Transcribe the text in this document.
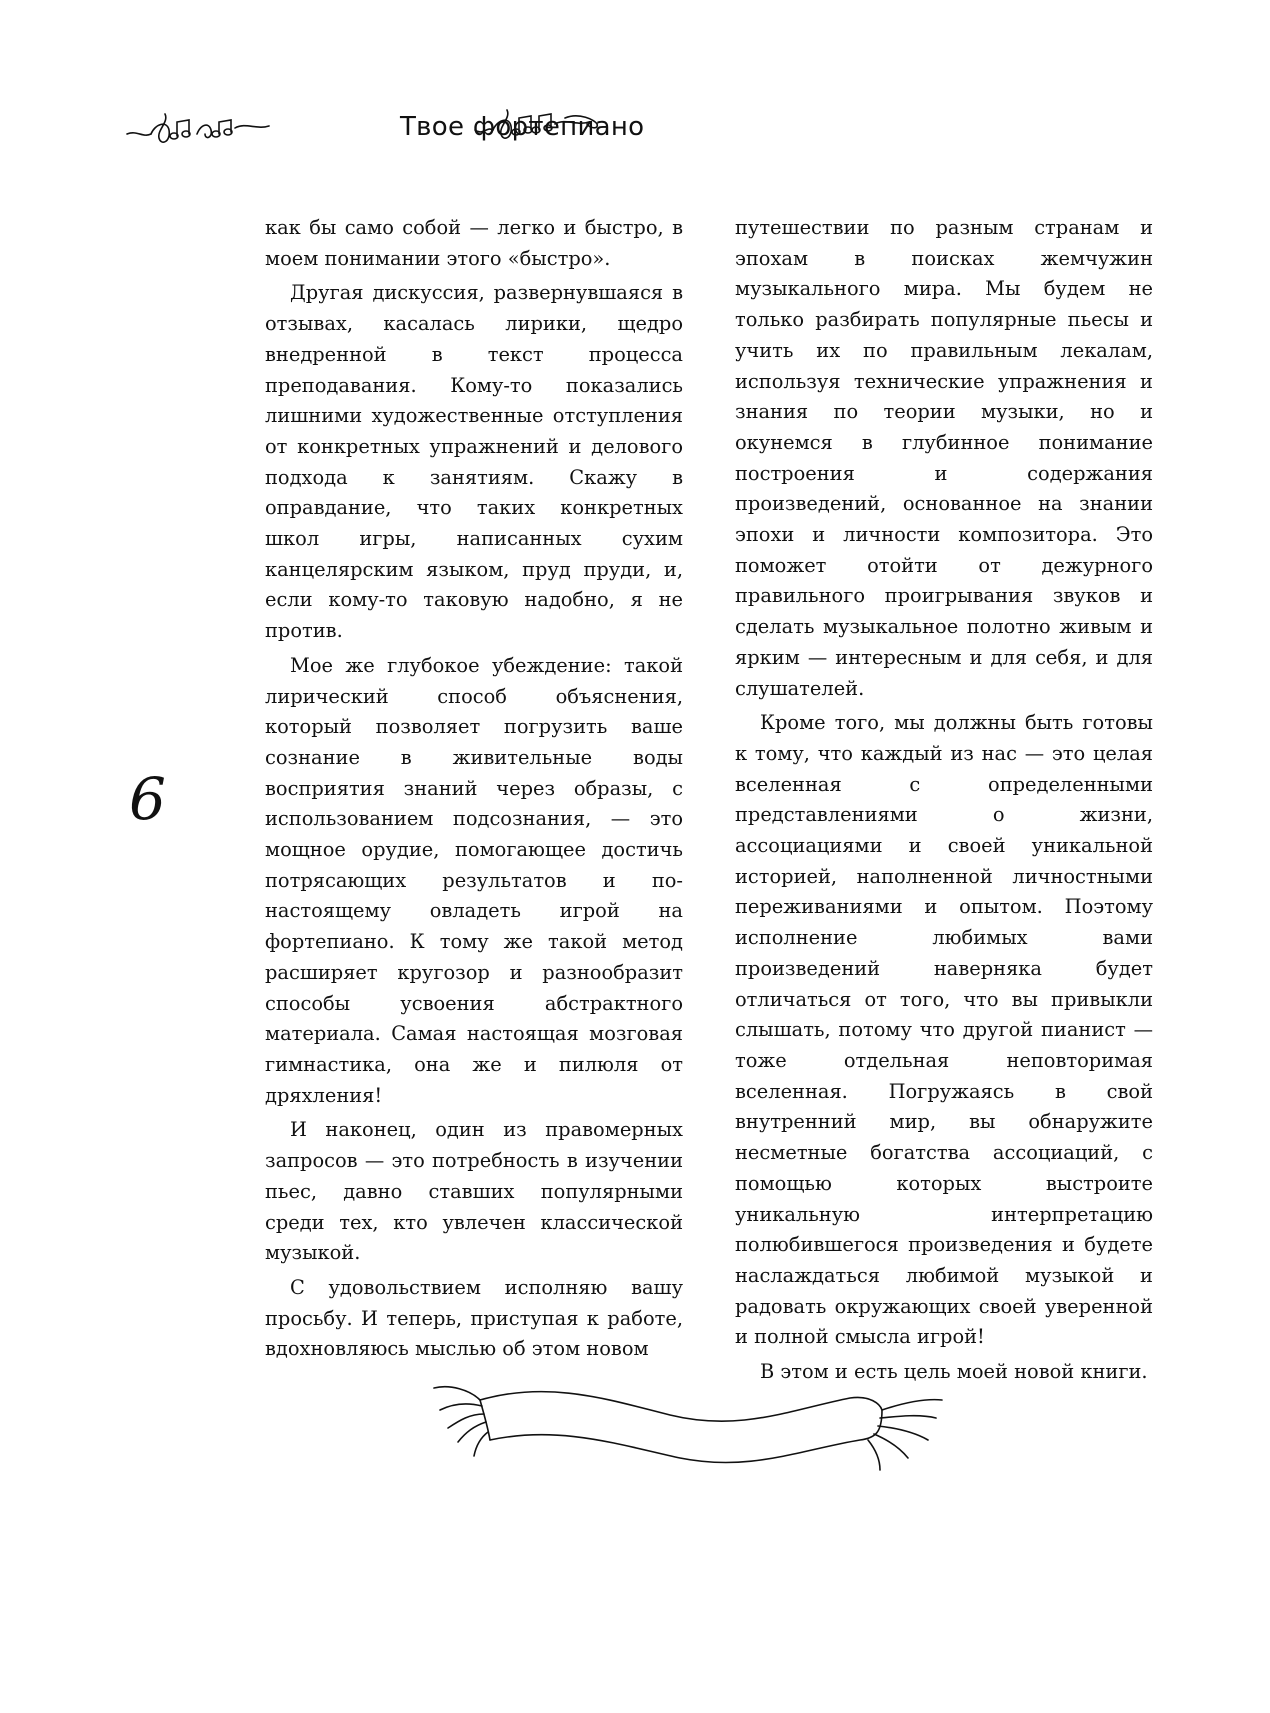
Твое фортепиано
6

как бы само собой — легко и быстро, в моем понимании этого «быстро».

Другая дискуссия, развернувшаяся в отзывах, касалась лирики, щедро внедренной в текст процесса преподавания. Кому-то показались лишними художественные отступления от конкретных упражнений и делового подхода к занятиям. Скажу в оправдание, что таких конкретных школ игры, написанных сухим канцелярским языком, пруд пруди, и, если кому-то таковую надобно, я не против.

Мое же глубокое убеждение: такой лирический способ объяснения, который позволяет погрузить ваше сознание в живительные воды восприятия знаний через образы, с использованием подсознания, — это мощное орудие, помогающее достичь потрясающих результатов и по-настоящему овладеть игрой на фортепиано. К тому же такой метод расширяет кругозор и разнообразит способы усвоения абстрактного материала. Самая настоящая мозговая гимнастика, она же и пилюля от дряхления!

И наконец, один из правомерных запросов — это потребность в изучении пьес, давно ставших популярными среди тех, кто увлечен классической музыкой.

С удовольствием исполняю вашу просьбу. И теперь, приступая к работе, вдохновляюсь мыслью об этом новом

путешествии по разным странам и эпохам в поисках жемчужин музыкального мира. Мы будем не только разбирать популярные пьесы и учить их по правильным лекалам, используя технические упражнения и знания по теории музыки, но и окунемся в глубинное понимание построения и содержания произведений, основанное на знании эпохи и личности композитора. Это поможет отойти от дежурного правильного проигрывания звуков и сделать музыкальное полотно живым и ярким — интересным и для себя, и для слушателей.

Кроме того, мы должны быть готовы к тому, что каждый из нас — это целая вселенная с определенными представлениями о жизни, ассоциациями и своей уникальной историей, наполненной личностными переживаниями и опытом. Поэтому исполнение любимых вами произведений наверняка будет отличаться от того, что вы привыкли слышать, потому что другой пианист — тоже отдельная неповторимая вселенная. Погружаясь в свой внутренний мир, вы обнаружите несметные богатства ассоциаций, с помощью которых выстроите уникальную интерпретацию полюбившегося произведения и будете наслаждаться любимой музыкой и радовать окружающих своей уверенной и полной смысла игрой!

В этом и есть цель моей новой книги.
